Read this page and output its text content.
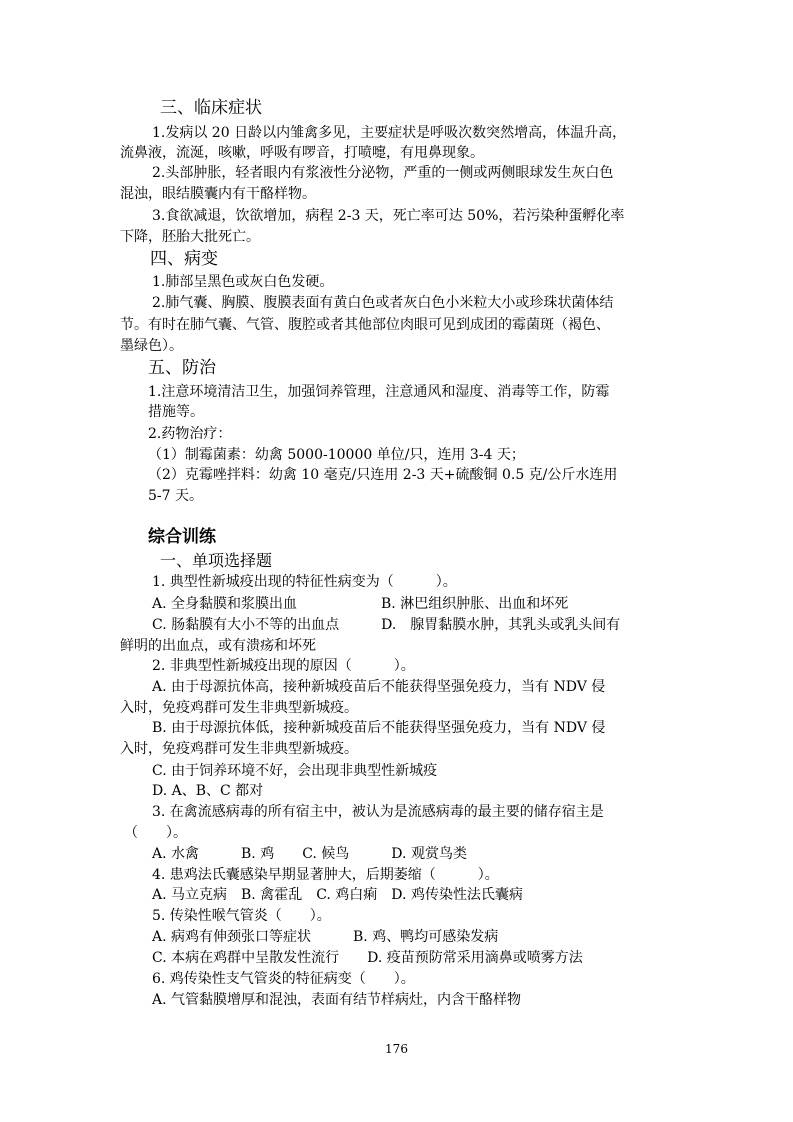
三、临床症状
1.发病以 20 日龄以内雏禽多见，主要症状是呼吸次数突然增高，体温升高，
流鼻液，流涎，咳嗽，呼吸有啰音，打喷嚏，有甩鼻现象。
2.头部肿胀，轻者眼内有浆液性分泌物，严重的一侧或两侧眼球发生灰白色
混浊，眼结膜囊内有干酪样物。
3.食欲减退，饮欲增加，病程 2-3 天，死亡率可达 50%，若污染种蛋孵化率
下降，胚胎大批死亡。
四、病变
1.肺部呈黑色或灰白色发硬。
2.肺气囊、胸膜、腹膜表面有黄白色或者灰白色小米粒大小或珍珠状菌体结
节。有时在肺气囊、气管、腹腔或者其他部位肉眼可见到成团的霉菌斑（褐色、
墨绿色）。
五、防治
1.注意环境清洁卫生，加强饲养管理，注意通风和湿度、消毒等工作，防霉
措施等。
2.药物治疗：
（1）制霉菌素：幼禽 5000-10000 单位/只，连用 3-4 天；
（2）克霉唑拌料：幼禽 10 毫克/只连用 2-3 天+硫酸铜 0.5 克/公斤水连用
5-7 天。
综合训练
一、单项选择题
1. 典型性新城疫出现的特征性病变为（　　　）。
A. 全身黏膜和浆膜出血　　　　　　B. 淋巴组织肿胀、出血和坏死
C. 肠黏膜有大小不等的出血点　　　D.　腺胃黏膜水肿，其乳头或乳头间有
鲜明的出血点，或有溃疡和坏死
2. 非典型性新城疫出现的原因（　　　）。
A. 由于母源抗体高，接种新城疫苗后不能获得坚强免疫力，当有 NDV 侵
入时，免疫鸡群可发生非典型新城疫。
B. 由于母源抗体低，接种新城疫苗后不能获得坚强免疫力，当有 NDV 侵
入时，免疫鸡群可发生非典型新城疫。
C. 由于饲养环境不好，会出现非典型性新城疫
D. A、B、C 都对
3. 在禽流感病毒的所有宿主中，被认为是流感病毒的最主要的储存宿主是
（　　）。
A. 水禽　　　B. 鸡　　C. 候鸟　　　D. 观赏鸟类
4. 患鸡法氏囊感染早期显著肿大，后期萎缩（　　　）。
A. 马立克病　B. 禽霍乱　C. 鸡白痢　D. 鸡传染性法氏囊病
5. 传染性喉气管炎（　　）。
A. 病鸡有伸颈张口等症状　　　B. 鸡、鸭均可感染发病
C. 本病在鸡群中呈散发性流行　　D. 疫苗预防常采用滴鼻或喷雾方法
6. 鸡传染性支气管炎的特征病变（　　）。
A. 气管黏膜增厚和混浊，表面有结节样病灶，内含干酪样物
176
